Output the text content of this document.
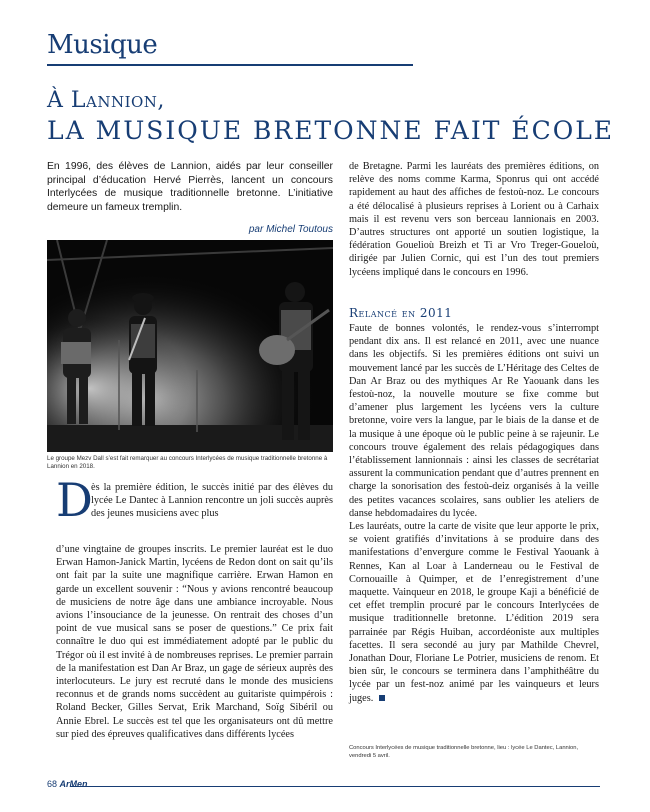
Musique
À Lannion,
LA MUSIQUE BRETONNE FAIT ÉCOLE

En 1996, des élèves de Lannion, aidés par leur conseiller principal d’éducation Hervé Pierrès, lancent un concours Interlycées de musique traditionnelle bretonne. L’initiative demeure un fameux tremplin.

par Michel Toutous

Le groupe Mezv Dall s’est fait remarquer au concours Interlycées de musique traditionnelle bretonne à Lannion en 2018.

D

ès la première édition, le succès initié par des élèves du lycée Le Dantec à Lannion rencontre un joli succès auprès des jeunes musiciens avec plus

d’une vingtaine de groupes inscrits. Le premier lauréat est le duo Erwan Hamon-Janick Martin, lycéens de Redon dont on sait qu’ils ont fait par la suite une magnifique carrière. Erwan Hamon en garde un excellent souvenir : “Nous y avions rencontré beaucoup de musiciens de notre âge dans une ambiance incroyable. Nous avions l’insouciance de la jeunesse. On rentrait des choses d’un point de vue musical sans se poser de questions.” Ce prix fait connaître le duo qui est immédiatement adopté par le public du Trégor où il est invité à de nombreuses reprises. Le premier parrain de la manifestation est Dan Ar Braz, un gage de sérieux auprès des interlocuteurs. Le jury est recruté dans le monde des musiciens reconnus et de grands noms succèdent au guitariste quimpérois : Roland Becker, Gilles Servat, Erik Marchand, Soïg Sibéril ou Annie Ebrel. Le succès est tel que les organisateurs ont dû mettre sur pied des épreuves qualificatives dans différents lycées

de Bretagne. Parmi les lauréats des premières éditions, on relève des noms comme Karma, Sponrus qui ont accédé rapidement au haut des affiches de festoù-noz. Le concours a été délocalisé à plusieurs reprises à Lorient ou à Carhaix mais il est revenu vers son berceau lannionais en 2003. D’autres structures ont apporté un soutien logistique, la fédération Gouelioù Breizh et Ti ar Vro Treger-Goueloù, dirigée par Julien Cornic, qui est l’un des tout premiers lycéens impliqué dans le concours en 1996.

Relancé en 2011

Faute de bonnes volontés, le rendez-vous s’interrompt pendant dix ans. Il est relancé en 2011, avec une nuance dans les objectifs. Si les premières éditions ont suivi un mouvement lancé par les succès de L’Héritage des Celtes de Dan Ar Braz ou des mythiques Ar Re Yaouank dans les festoù-noz, la nouvelle mouture se fixe comme but d’amener plus largement les lycéens vers la culture bretonne, voire vers la langue, par le biais de la danse et de la musique à une époque où le public peine à se rajeunir. Le concours trouve également des relais pédagogiques dans l’établissement lannionnais : ainsi les classes de secrétariat assurent la communication pendant que d’autres prennent en charge la sonorisation des festoù-deiz organisés à la veille des petites vacances scolaires, sans oublier les ateliers de danse hebdomadaires du lycée.

Les lauréats, outre la carte de visite que leur apporte le prix, se voient gratifiés d’invitations à se produire dans des manifestations d’envergure comme le Festival Yaouank à Rennes, Kan al Loar à Landerneau ou le Festival de Cornouaille à Quimper, et de l’enregistrement d’une maquette. Vainqueur en 2018, le groupe Kaji a bénéficié de cet effet tremplin procuré par le concours Interlycées de musique traditionnelle bretonne. L’édition 2019 sera parrainée par Régis Huiban, accordéoniste aux multiples facettes. Il sera secondé au jury par Mathilde Chevrel, Jonathan Dour, Floriane Le Potrier, musiciens de renom. Et bien sûr, le concours se terminera dans l’amphithéâtre du lycée par un fest-noz animé par les vainqueurs et leurs juges.

Concours Interlycées de musique traditionnelle bretonne, lieu : lycée Le Dantec, Lannion, vendredi 5 avril.

68 ArMen
